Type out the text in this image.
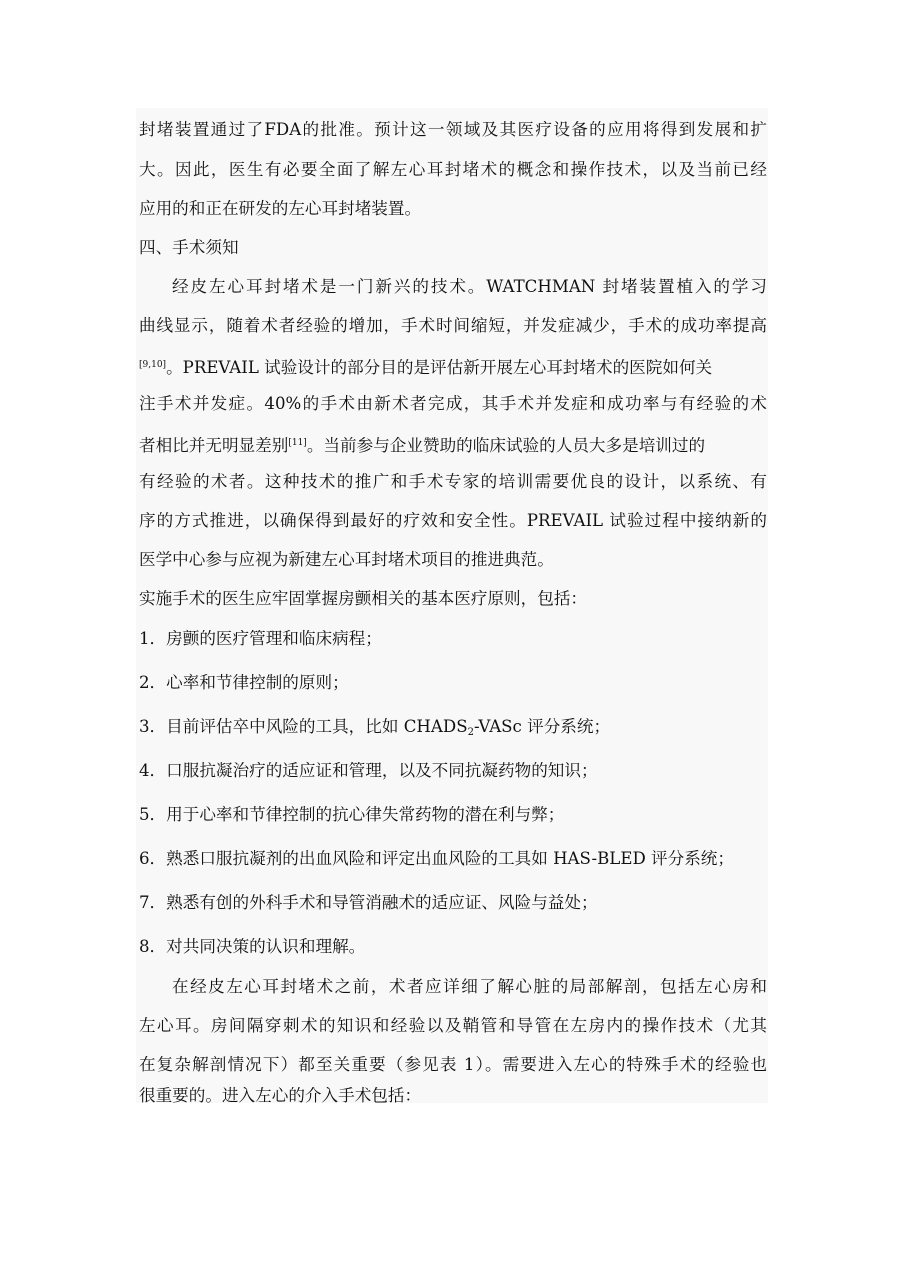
封堵装置通过了FDA的批准。预计这一领域及其医疗设备的应用将得到发展和扩
大。因此，医生有必要全面了解左心耳封堵术的概念和操作技术，以及当前已经
应用的和正在研发的左心耳封堵装置。
四、手术须知
经皮左心耳封堵术是一门新兴的技术。WATCHMAN 封堵装置植入的学习
曲线显示，随着术者经验的增加，手术时间缩短，并发症减少，手术的成功率提高
[9,10]。PREVAIL 试验设计的部分目的是评估新开展左心耳封堵术的医院如何关
注手术并发症。40%的手术由新术者完成，其手术并发症和成功率与有经验的术
者相比并无明显差别[11]。当前参与企业赞助的临床试验的人员大多是培训过的
有经验的术者。这种技术的推广和手术专家的培训需要优良的设计，以系统、有
序的方式推进，以确保得到最好的疗效和安全性。PREVAIL 试验过程中接纳新的
医学中心参与应视为新建左心耳封堵术项目的推进典范。
实施手术的医生应牢固掌握房颤相关的基本医疗原则，包括：
1．房颤的医疗管理和临床病程；
2．心率和节律控制的原则；
3．目前评估卒中风险的工具，比如 $CHADS_2$-VASc 评分系统；
4．口服抗凝治疗的适应证和管理，以及不同抗凝药物的知识；
5．用于心率和节律控制的抗心律失常药物的潜在利与弊；
6．熟悉口服抗凝剂的出血风险和评定出血风险的工具如 HAS-BLED 评分系统；
7．熟悉有创的外科手术和导管消融术的适应证、风险与益处；
8．对共同决策的认识和理解。
在经皮左心耳封堵术之前，术者应详细了解心脏的局部解剖，包括左心房和
左心耳。房间隔穿刺术的知识和经验以及鞘管和导管在左房内的操作技术（尤其
在复杂解剖情况下）都至关重要（参见表 1）。需要进入左心的特殊手术的经验也
很重要的。进入左心的介入手术包括：
